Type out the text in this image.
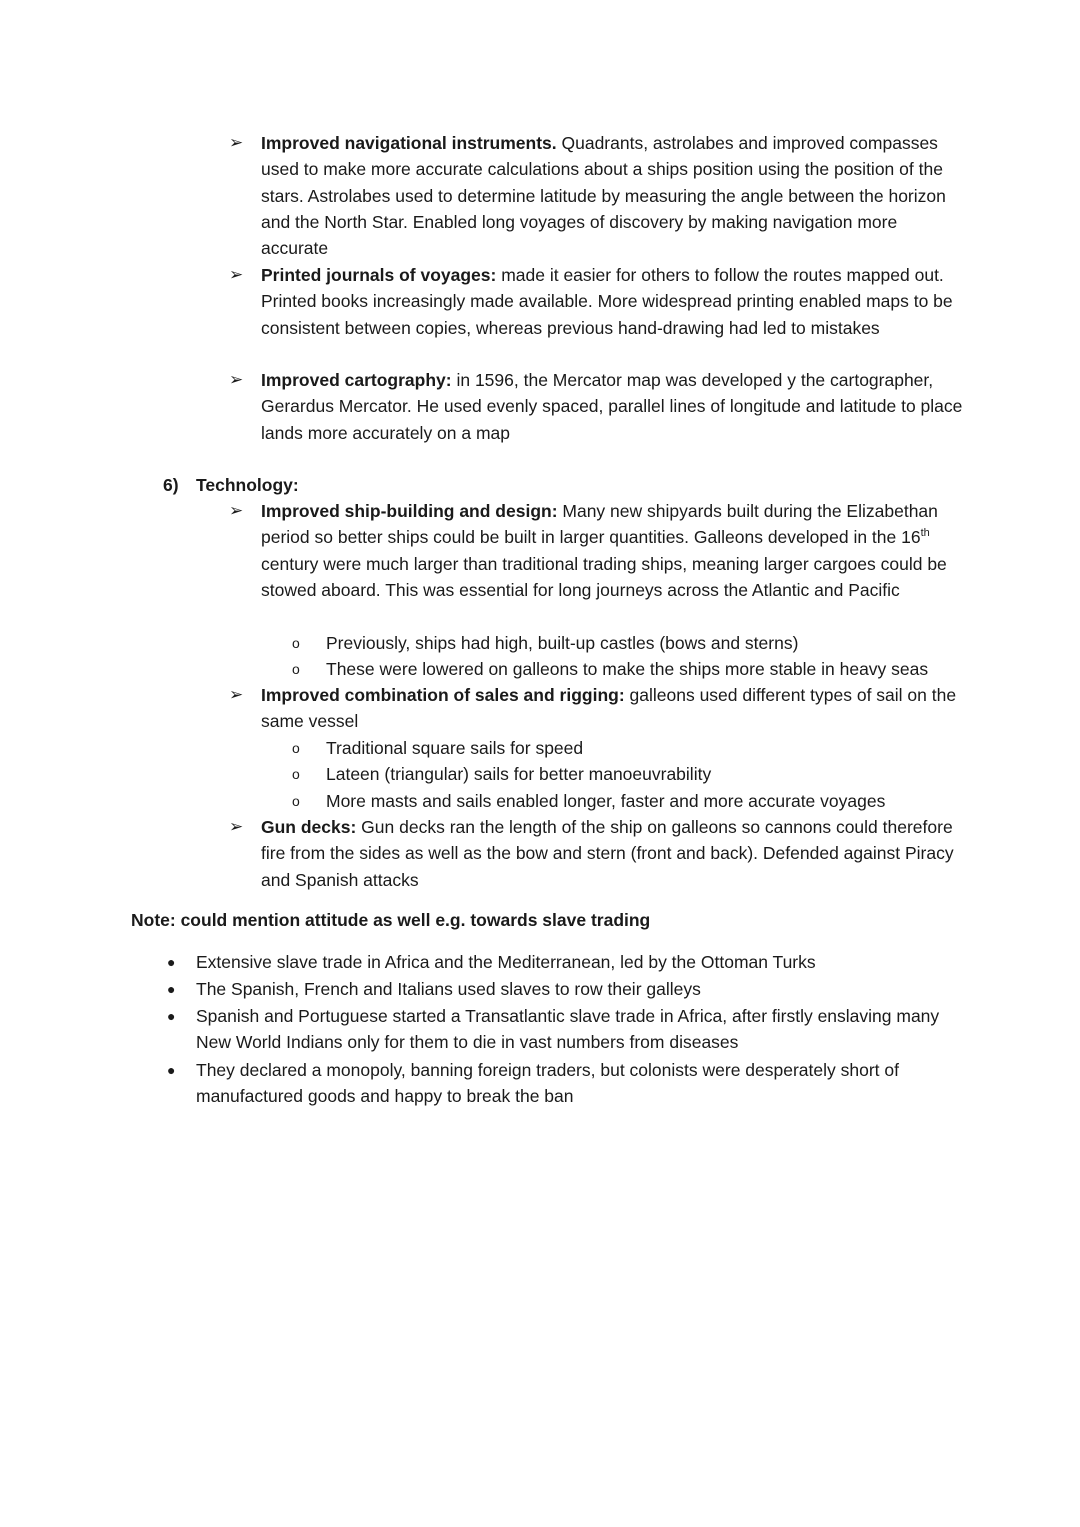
➢	Improved navigational instruments. Quadrants, astrolabes and improved compasses used to make more accurate calculations about a ships position using the position of the stars. Astrolabes used to determine latitude by measuring the angle between the horizon and the North Star. Enabled long voyages of discovery by making navigation more accurate
➢	Printed journals of voyages: made it easier for others to follow the routes mapped out. Printed books increasingly made available. More widespread printing enabled maps to be consistent between copies, whereas previous hand-drawing had led to mistakes
➢	Improved cartography: in 1596, the Mercator map was developed y the cartographer, Gerardus Mercator. He used evenly spaced, parallel lines of longitude and latitude to place lands more accurately on a map
6) Technology:
➢	Improved ship-building and design: Many new shipyards built during the Elizabethan period so better ships could be built in larger quantities. Galleons developed in the 16th century were much larger than traditional trading ships, meaning larger cargoes could be stowed aboard. This was essential for long journeys across the Atlantic and Pacific
o Previously, ships had high, built-up castles (bows and sterns)
o These were lowered on galleons to make the ships more stable in heavy seas
➢	Improved combination of sales and rigging: galleons used different types of sail on the same vessel
o Traditional square sails for speed
o Lateen (triangular) sails for better manoeuvrability
o More masts and sails enabled longer, faster and more accurate voyages
➢	Gun decks: Gun decks ran the length of the ship on galleons so cannons could therefore fire from the sides as well as the bow and stern (front and back). Defended against Piracy and Spanish attacks
Note: could mention attitude as well e.g. towards slave trading
● Extensive slave trade in Africa and the Mediterranean, led by the Ottoman Turks
● The Spanish, French and Italians used slaves to row their galleys
● Spanish and Portuguese started a Transatlantic slave trade in Africa, after firstly enslaving many New World Indians only for them to die in vast numbers from diseases
● They declared a monopoly, banning foreign traders, but colonists were desperately short of manufactured goods and happy to break the ban
